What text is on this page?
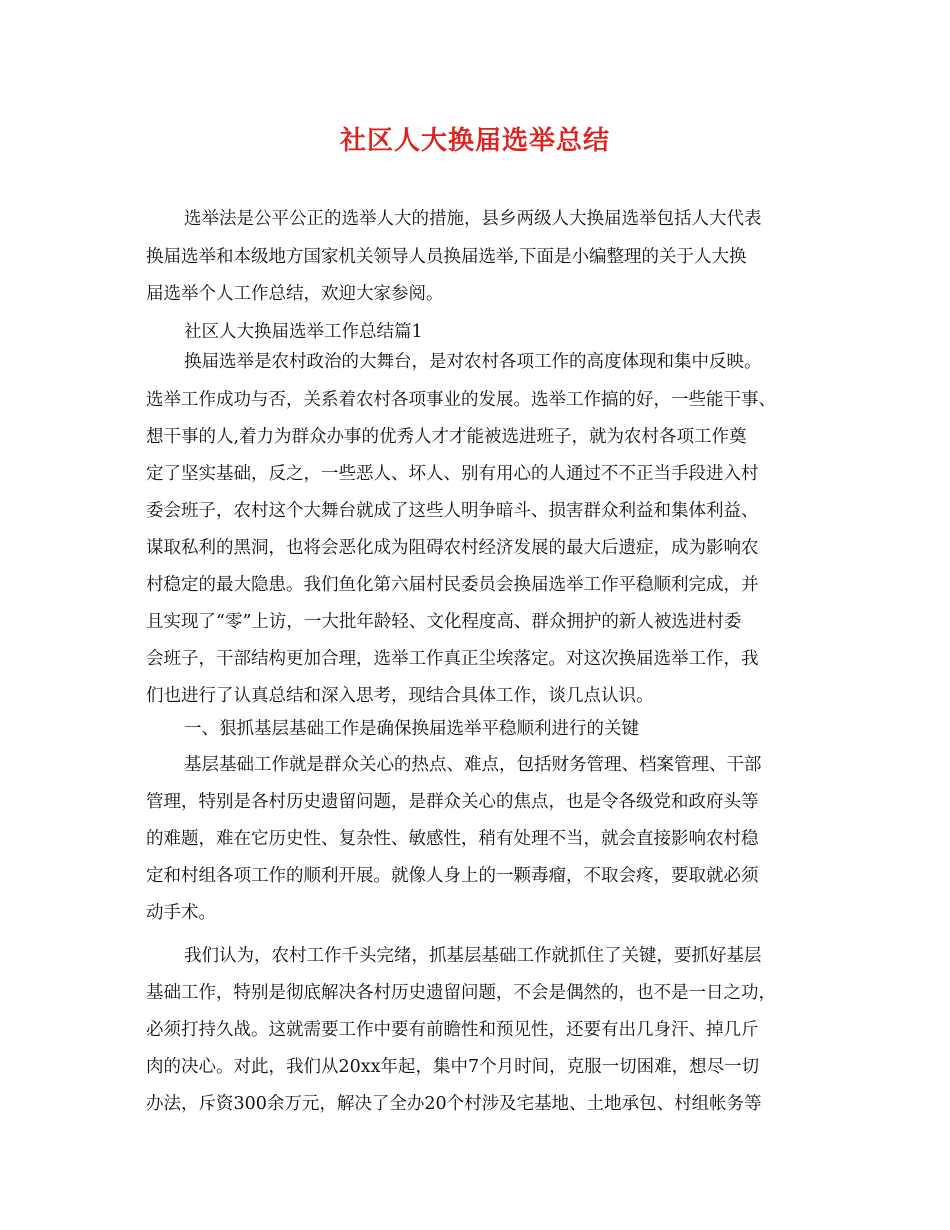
社区人大换届选举总结
选举法是公平公正的选举人大的措施，县乡两级人大换届选举包括人大代表
换届选举和本级地方国家机关领导人员换届选举,下面是小编整理的关于人大换
届选举个人工作总结，欢迎大家参阅。
社区人大换届选举工作总结篇1
换届选举是农村政治的大舞台，是对农村各项工作的高度体现和集中反映。
选举工作成功与否，关系着农村各项事业的发展。选举工作搞的好，一些能干事、
想干事的人,着力为群众办事的优秀人才才能被选进班子，就为农村各项工作奠
定了坚实基础，反之，一些恶人、坏人、别有用心的人通过不不正当手段进入村
委会班子，农村这个大舞台就成了这些人明争暗斗、损害群众利益和集体利益、
谋取私利的黑洞，也将会恶化成为阻碍农村经济发展的最大后遗症，成为影响农
村稳定的最大隐患。我们鱼化第六届村民委员会换届选举工作平稳顺利完成，并
且实现了“零”上访，一大批年龄轻、文化程度高、群众拥护的新人被选进村委
会班子，干部结构更加合理，选举工作真正尘埃落定。对这次换届选举工作，我
们也进行了认真总结和深入思考，现结合具体工作，谈几点认识。
一、狠抓基层基础工作是确保换届选举平稳顺利进行的关键
基层基础工作就是群众关心的热点、难点，包括财务管理、档案管理、干部
管理，特别是各村历史遗留问题，是群众关心的焦点，也是令各级党和政府头等
的难题，难在它历史性、复杂性、敏感性，稍有处理不当，就会直接影响农村稳
定和村组各项工作的顺利开展。就像人身上的一颗毒瘤，不取会疼，要取就必须
动手术。
我们认为，农村工作千头完绪，抓基层基础工作就抓住了关键，要抓好基层
基础工作，特别是彻底解决各村历史遗留问题，不会是偶然的，也不是一日之功，
必须打持久战。这就需要工作中要有前瞻性和预见性，还要有出几身汗、掉几斤
肉的决心。对此，我们从20xx年起，集中7个月时间，克服一切困难，想尽一切
办法，斥资300余万元，解决了全办20个村涉及宅基地、土地承包、村组帐务等
